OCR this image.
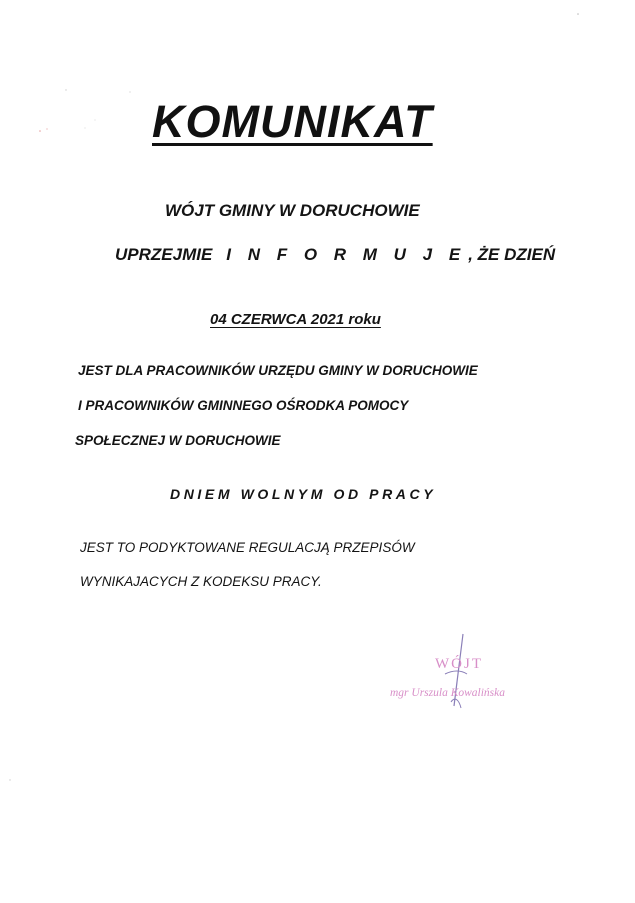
KOMUNIKAT
WÓJT GMINY W DORUCHOWIE
UPRZEJMIE I N F O R M U J E , ŻE DZIEŃ
04 CZERWCA 2021 roku
JEST DLA PRACOWNIKÓW URZĘDU GMINY W DORUCHOWIE
I PRACOWNIKÓW GMINNEGO OŚRODKA POMOCY
SPOŁECZNEJ W DORUCHOWIE
DNIEM WOLNYM OD PRACY
JEST TO PODYKTOWANE REGULACJĄ PRZEPISÓW
WYNIKAJACYCH Z KODEKSU PRACY.
WÓJT
mgr Urszula Kowalińska
